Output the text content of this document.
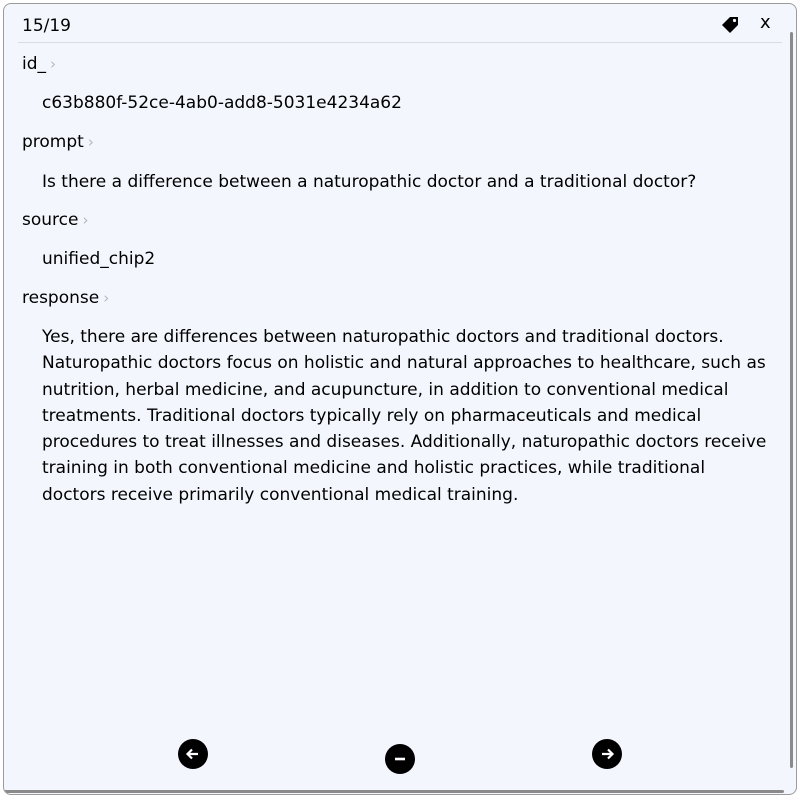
15/19	x
id_ ›
c63b880f-52ce-4ab0-add8-5031e4234a62
prompt ›
Is there a difference between a naturopathic doctor and a traditional doctor?
source ›
unified_chip2
response ›
Yes, there are differences between naturopathic doctors and traditional doctors. Naturopathic doctors focus on holistic and natural approaches to healthcare, such as nutrition, herbal medicine, and acupuncture, in addition to conventional medical treatments. Traditional doctors typically rely on pharmaceuticals and medical procedures to treat illnesses and diseases. Additionally, naturopathic doctors receive training in both conventional medicine and holistic practices, while traditional doctors receive primarily conventional medical training.
